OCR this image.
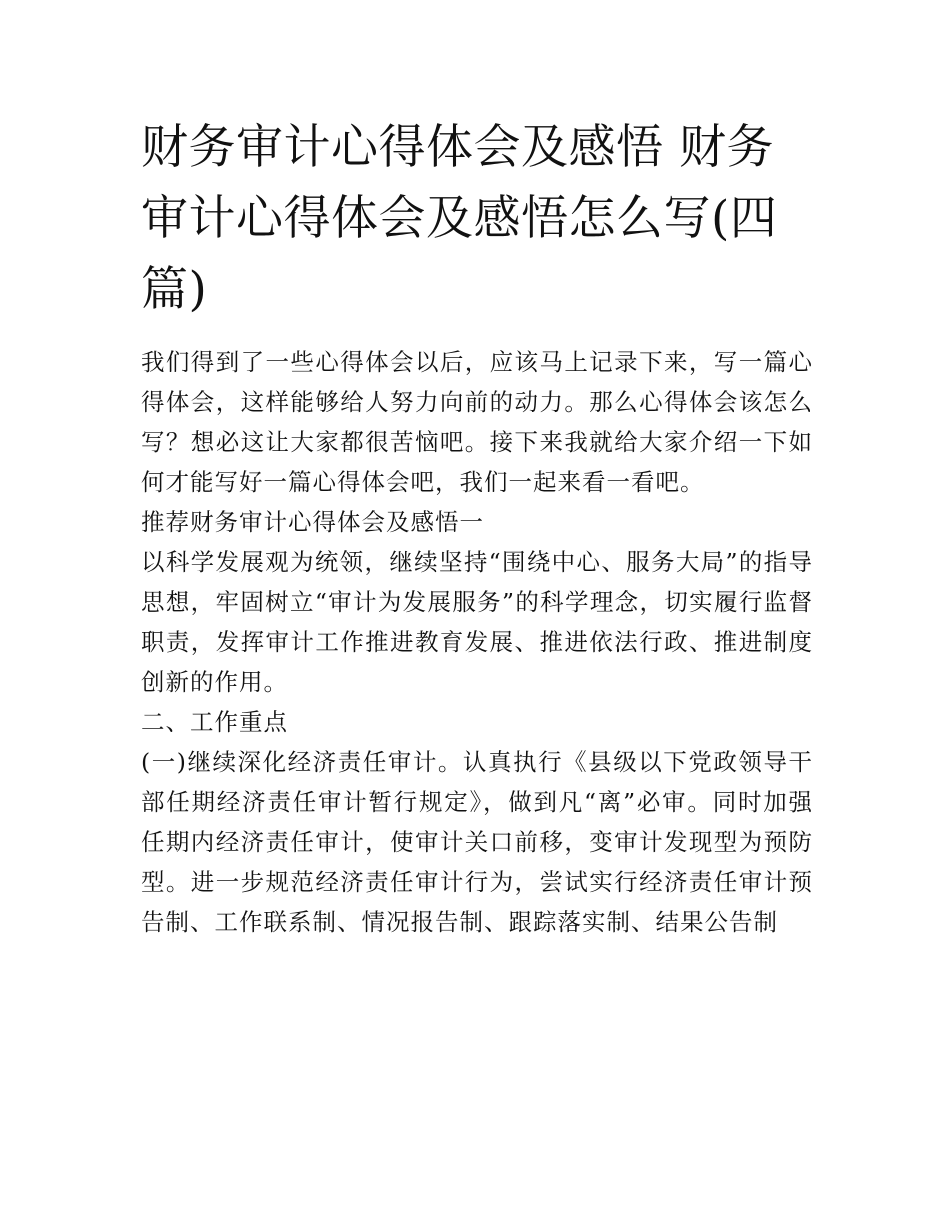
财务审计心得体会及感悟 财务审计心得体会及感悟怎么写(四篇)

我们得到了一些心得体会以后，应该马上记录下来，写一篇心得体会，这样能够给人努力向前的动力。那么心得体会该怎么写？想必这让大家都很苦恼吧。接下来我就给大家介绍一下如何才能写好一篇心得体会吧，我们一起来看一看吧。

推荐财务审计心得体会及感悟一

以科学发展观为统领，继续坚持“围绕中心、服务大局”的指导思想，牢固树立“审计为发展服务”的科学理念，切实履行监督职责，发挥审计工作推进教育发展、推进依法行政、推进制度创新的作用。

二、工作重点

(一)继续深化经济责任审计。认真执行《县级以下党政领导干部任期经济责任审计暂行规定》，做到凡“离”必审。同时加强任期内经济责任审计，使审计关口前移，变审计发现型为预防型。进一步规范经济责任审计行为，尝试实行经济责任审计预告制、工作联系制、情况报告制、跟踪落实制、结果公告制
